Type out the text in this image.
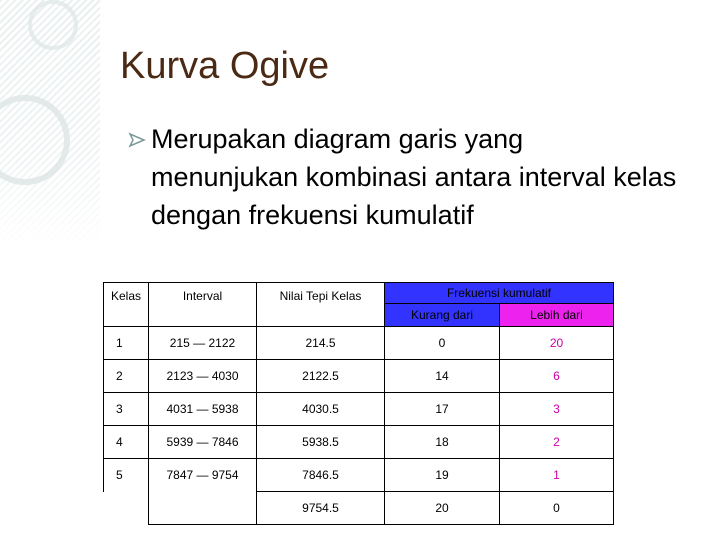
Kurva Ogive
Merupakan diagram garis yang
menunjukan kombinasi antara interval kelas dengan frekuensi kumulatif
Kelas	Interval	Nilai Tepi Kelas	Frekuensi kumulatif	
			Kurang dari	Lebih dari
1	215 — 2122	214.5	0	20
2	2123 — 4030	2122.5	14	6
3	4031 — 5938	4030.5	17	3
4	5939 — 7846	5938.5	18	2
5	7847 — 9754	7846.5	19	1
		9754.5	20	0
